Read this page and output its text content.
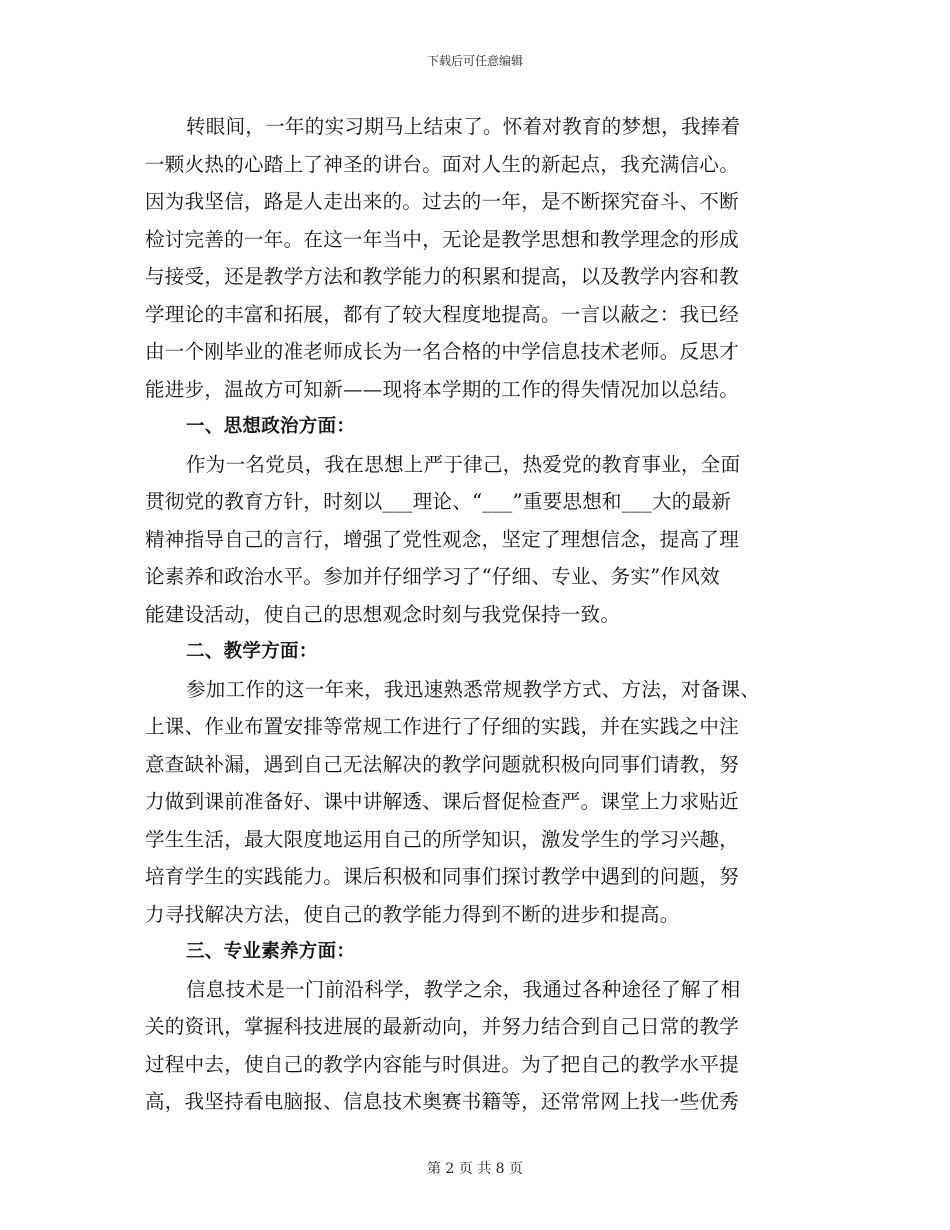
下载后可任意编辑
转眼间，一年的实习期马上结束了。怀着对教育的梦想，我捧着
一颗火热的心踏上了神圣的讲台。面对人生的新起点，我充满信心。
因为我坚信，路是人走出来的。过去的一年，是不断探究奋斗、不断
检讨完善的一年。在这一年当中，无论是教学思想和教学理念的形成
与接受，还是教学方法和教学能力的积累和提高，以及教学内容和教
学理论的丰富和拓展，都有了较大程度地提高。一言以蔽之：我已经
由一个刚毕业的准老师成长为一名合格的中学信息技术老师。反思才
能进步，温故方可知新——现将本学期的工作的得失情况加以总结。
一、思想政治方面：
作为一名党员，我在思想上严于律己，热爱党的教育事业，全面
贯彻党的教育方针，时刻以___理论、“___”重要思想和___大的最新
精神指导自己的言行，增强了党性观念，坚定了理想信念，提高了理
论素养和政治水平。参加并仔细学习了“仔细、专业、务实”作风效
能建设活动，使自己的思想观念时刻与我党保持一致。
二、教学方面：
参加工作的这一年来，我迅速熟悉常规教学方式、方法，对备课、
上课、作业布置安排等常规工作进行了仔细的实践，并在实践之中注
意查缺补漏，遇到自己无法解决的教学问题就积极向同事们请教，努
力做到课前准备好、课中讲解透、课后督促检查严。课堂上力求贴近
学生生活，最大限度地运用自己的所学知识，激发学生的学习兴趣，
培育学生的实践能力。课后积极和同事们探讨教学中遇到的问题，努
力寻找解决方法，使自己的教学能力得到不断的进步和提高。
三、专业素养方面：
信息技术是一门前沿科学，教学之余，我通过各种途径了解了相
关的资讯，掌握科技进展的最新动向，并努力结合到自己日常的教学
过程中去，使自己的教学内容能与时俱进。为了把自己的教学水平提
高，我坚持看电脑报、信息技术奥赛书籍等，还常常网上找一些优秀
第 2 页 共 8 页
